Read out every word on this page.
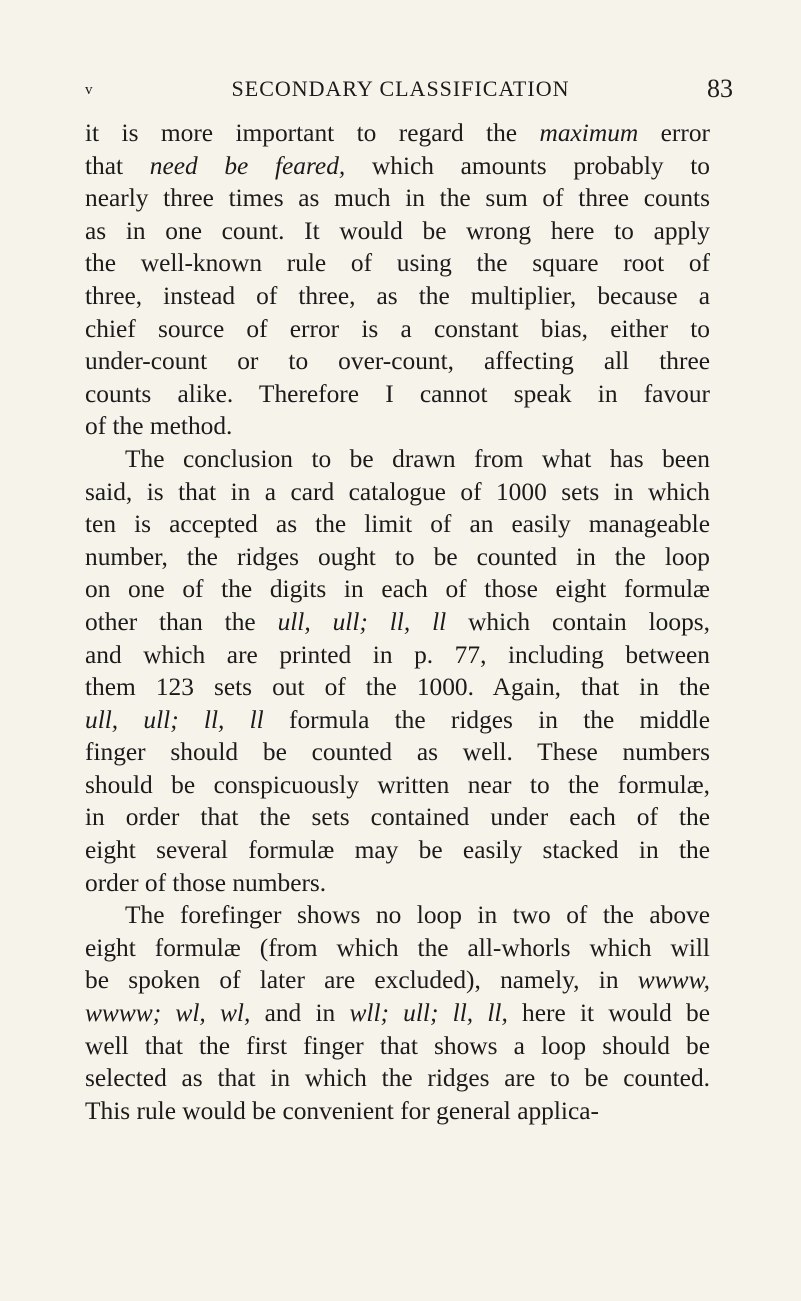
v	SECONDARY CLASSIFICATION	83
it is more important to regard the maximum error
that need be feared, which amounts probably to
nearly three times as much in the sum of three counts
as in one count. It would be wrong here to apply
the well-known rule of using the square root of
three, instead of three, as the multiplier, because a
chief source of error is a constant bias, either to
under-count or to over-count, affecting all three
counts alike. Therefore I cannot speak in favour
of the method.
The conclusion to be drawn from what has been
said, is that in a card catalogue of 1000 sets in which
ten is accepted as the limit of an easily manageable
number, the ridges ought to be counted in the loop
on one of the digits in each of those eight formulæ
other than the ull, ull; ll, ll which contain loops,
and which are printed in p. 77, including between
them 123 sets out of the 1000. Again, that in the
ull, ull; ll, ll formula the ridges in the middle
finger should be counted as well. These numbers
should be conspicuously written near to the formulæ,
in order that the sets contained under each of the
eight several formulæ may be easily stacked in the
order of those numbers.
The forefinger shows no loop in two of the above
eight formulæ (from which the all-whorls which will
be spoken of later are excluded), namely, in wwww,
wwww; wl, wl, and in wll; ull; ll, ll, here it would be
well that the first finger that shows a loop should be
selected as that in which the ridges are to be counted.
This rule would be convenient for general applica-
